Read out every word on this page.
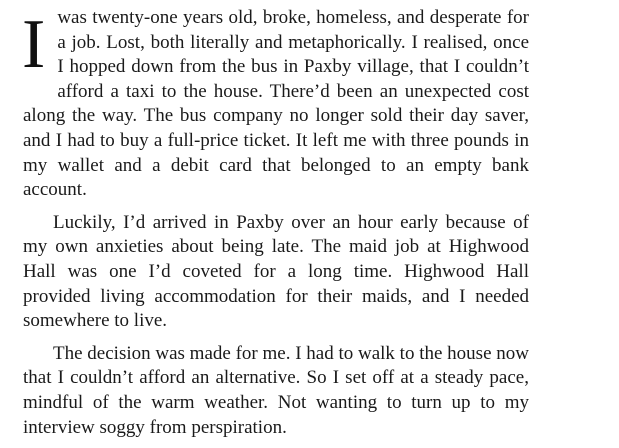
I was twenty-one years old, broke, homeless, and desperate for a job. Lost, both literally and metaphorically. I realised, once I hopped down from the bus in Paxby village, that I couldn’t afford a taxi to the house. There’d been an unexpected cost along the way. The bus company no longer sold their day saver, and I had to buy a full-price ticket. It left me with three pounds in my wallet and a debit card that belonged to an empty bank account.

Luckily, I’d arrived in Paxby over an hour early because of my own anxieties about being late. The maid job at Highwood Hall was one I’d coveted for a long time. Highwood Hall provided living accommodation for their maids, and I needed somewhere to live.

The decision was made for me. I had to walk to the house now that I couldn’t afford an alternative. So I set off at a steady pace, mindful of the warm weather. Not wanting to turn up to my interview soggy from perspiration.
